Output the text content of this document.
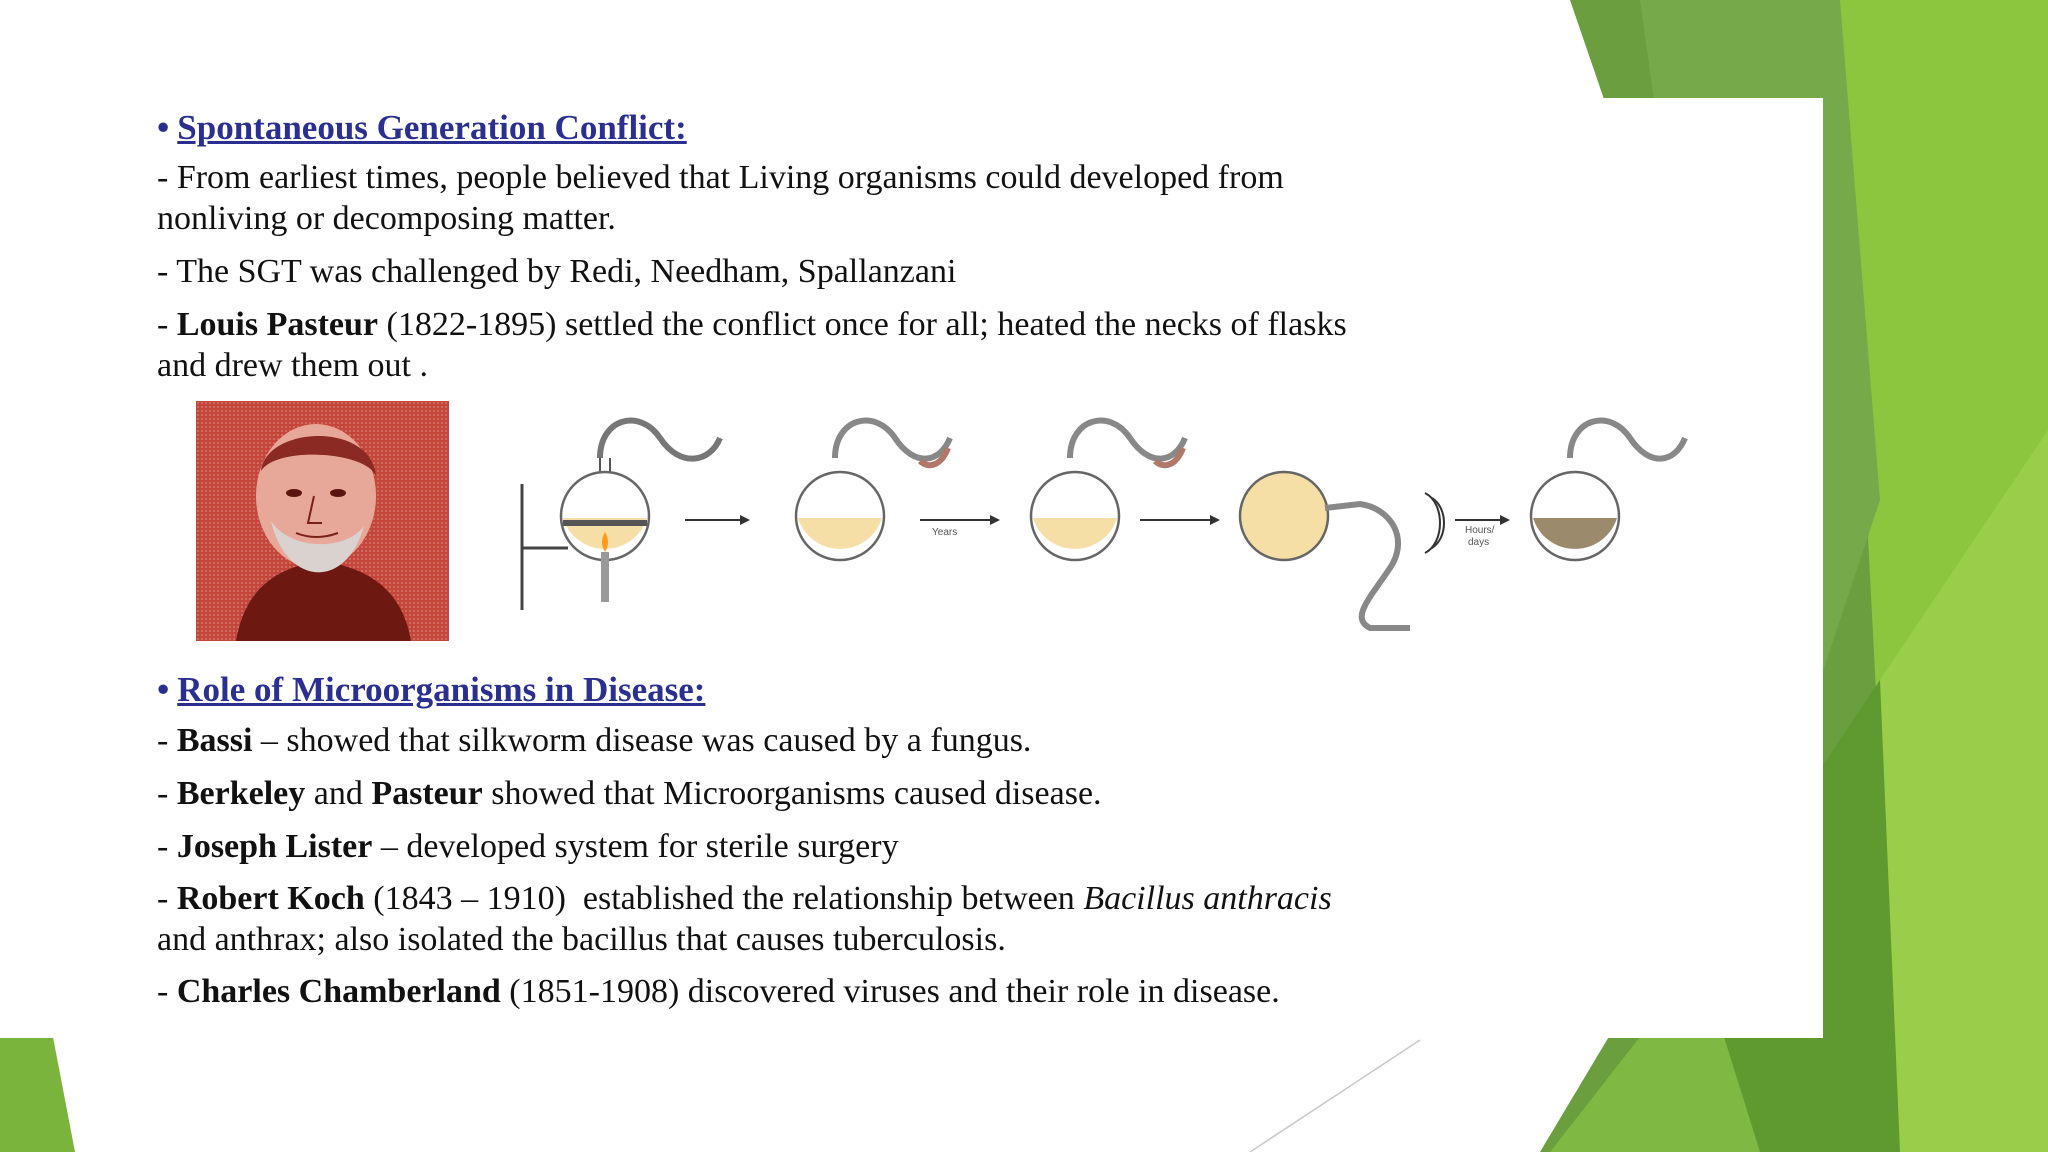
• Spontaneous Generation Conflict:

- From earliest times, people believed that Living organisms could developed from

nonliving or decomposing matter.

- The SGT was challenged by Redi, Needham, Spallanzani

- Louis Pasteur (1822-1895) settled the conflict once for all; heated the necks of flasks

and drew them out .

Years	Hours/
days
• Role of Microorganisms in Disease:

- Bassi – showed that silkworm disease was caused by a fungus.

- Berkeley and Pasteur showed that Microorganisms caused disease.

- Joseph Lister – developed system for sterile surgery

- Robert Koch (1843 – 1910)  established the relationship between Bacillus anthracis

and anthrax; also isolated the bacillus that causes tuberculosis.

- Charles Chamberland (1851-1908) discovered viruses and their role in disease.
